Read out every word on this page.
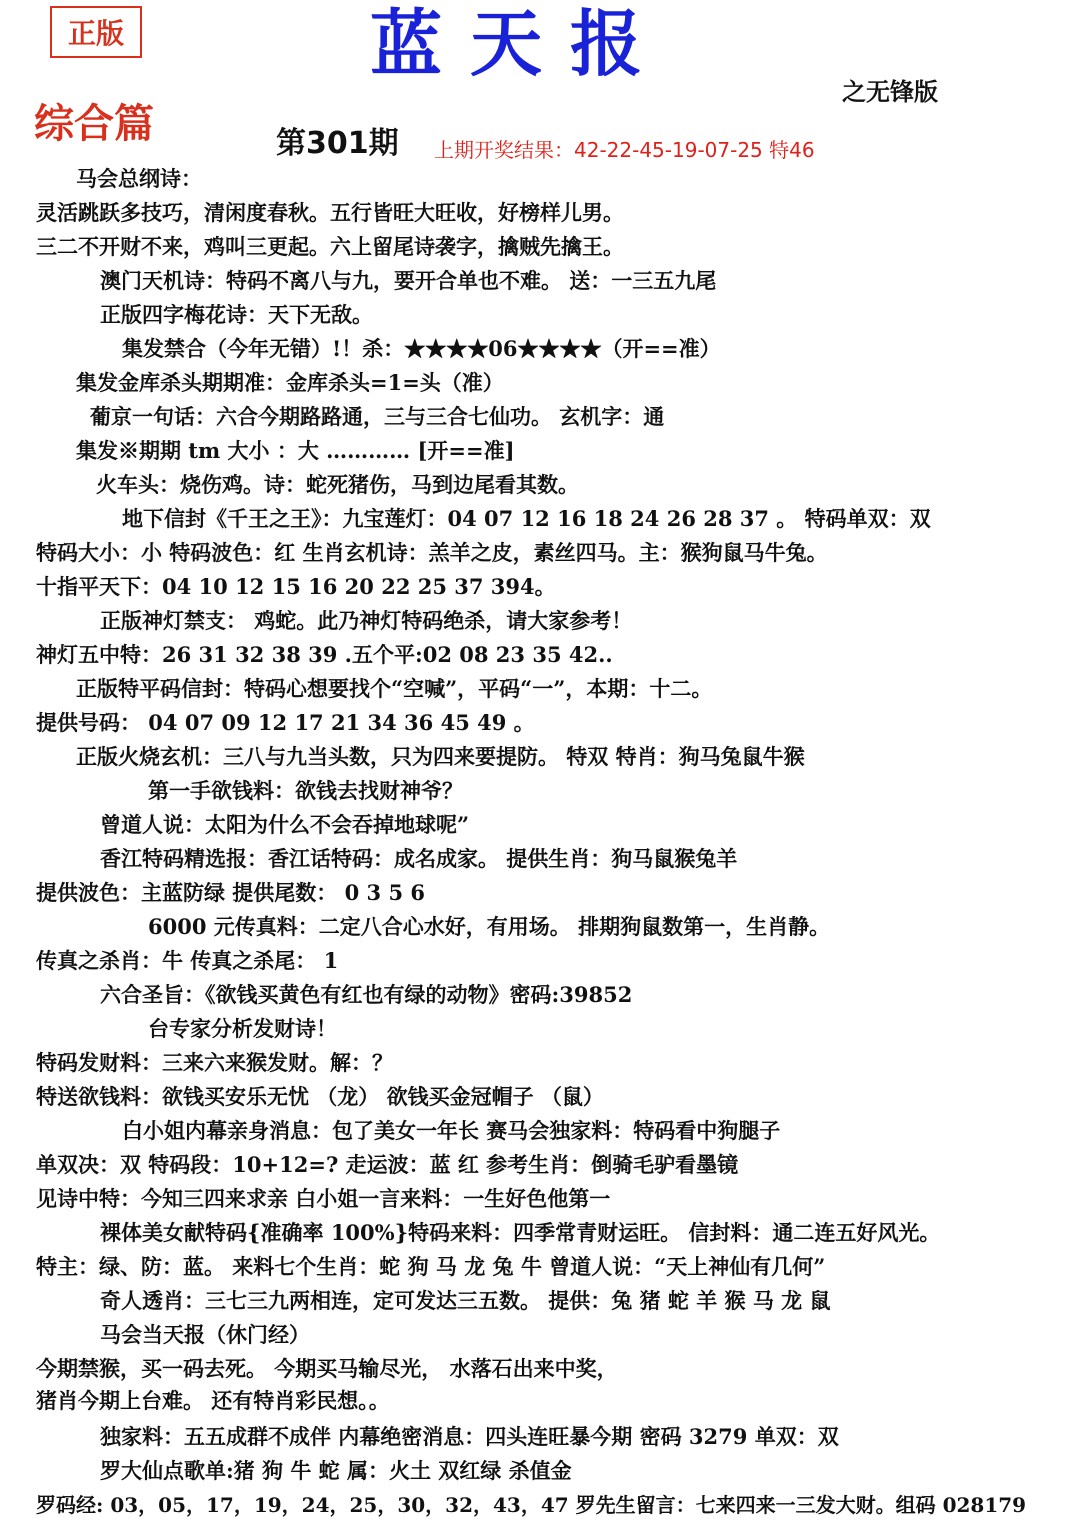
正版	蓝天报
之无锋版
综合篇	第301期 上期开奖结果：42-22-45-19-07-25 特46
马会总纲诗：
灵活跳跃多技巧，清闲度春秋。五行皆旺大旺收，好榜样儿男。
三二不开财不来，鸡叫三更起。六上留尾诗袭字，擒贼先擒王。
澳门天机诗：特码不离八与九，要开合单也不难。 送：一三五九尾
正版四字梅花诗：天下无敌。
集发禁合（今年无错）!！杀：★★★★06★★★★（开==准）
集发金库杀头期期准：金库杀头=1=头（准）
葡京一句话：六合今期路路通，三与三合七仙功。 玄机字：通
集发※期期 tm 大小 ：大 ………… [开==准]
火车头：烧伤鸡。诗：蛇死猪伤，马到边尾看其数。
地下信封《千王之王》：九宝莲灯：04 07 12 16 18 24 26 28 37 。 特码单双：双
特码大小：小 特码波色：红 生肖玄机诗：羔羊之皮，素丝四马。主：猴狗鼠马牛兔。
十指平天下：04 10 12 15 16 20 22 25 37 394。
正版神灯禁支： 鸡蛇。此乃神灯特码绝杀，请大家参考！
神灯五中特：26 31 32 38 39 .五个平:02 08 23 35 42..
正版特平码信封：特码心想要找个“空喊”，平码“一”，本期：十二。
提供号码： 04 07 09 12 17 21 34 36 45 49 。
正版火烧玄机：三八与九当头数，只为四来要提防。 特双 特肖：狗马兔鼠牛猴
第一手欲钱料：欲钱去找财神爷？
曾道人说：太阳为什么不会吞掉地球呢”
香江特码精选报：香江话特码：成名成家。 提供生肖：狗马鼠猴兔羊
提供波色：主蓝防绿 提供尾数： 0 3 5 6
6000 元传真料：二定八合心水好，有用场。 排期狗鼠数第一，生肖静。
传真之杀肖：牛 传真之杀尾： 1
六合圣旨：《欲钱买黄色有红也有绿的动物》密码:39852
台专家分析发财诗！
特码发财料：三来六来猴发财。解：？
特送欲钱料：欲钱买安乐无忧 （龙） 欲钱买金冠帽子 （鼠）
白小姐内幕亲身消息：包了美女一年长 赛马会独家料：特码看中狗腿子
单双决：双 特码段：10+12=? 走运波：蓝 红 参考生肖：倒骑毛驴看墨镜
见诗中特：今知三四来求亲 白小姐一言来料：一生好色他第一
裸体美女献特码{准确率 100%}特码来料：四季常青财运旺。 信封料：通二连五好风光。
特主：绿、防：蓝。 来料七个生肖：蛇 狗 马 龙 兔 牛 曾道人说：“天上神仙有几何”
奇人透肖：三七三九两相连，定可发达三五数。 提供：兔 猪 蛇 羊 猴 马 龙 鼠
马会当天报（休门经）
今期禁猴，买一码去死。 今期买马输尽光， 水落石出来中奖，
猪肖今期上台难。 还有特肖彩民想。。
独家料：五五成群不成伴 内幕绝密消息：四头连旺暴今期 密码 3279 单双：双
罗大仙点歌单:猪 狗 牛 蛇 属：火土 双红绿 杀值金
罗码经: 03，05，17，19，24，25，30，32，43，47 罗先生留言：七来四来一三发大财。组码 028179
